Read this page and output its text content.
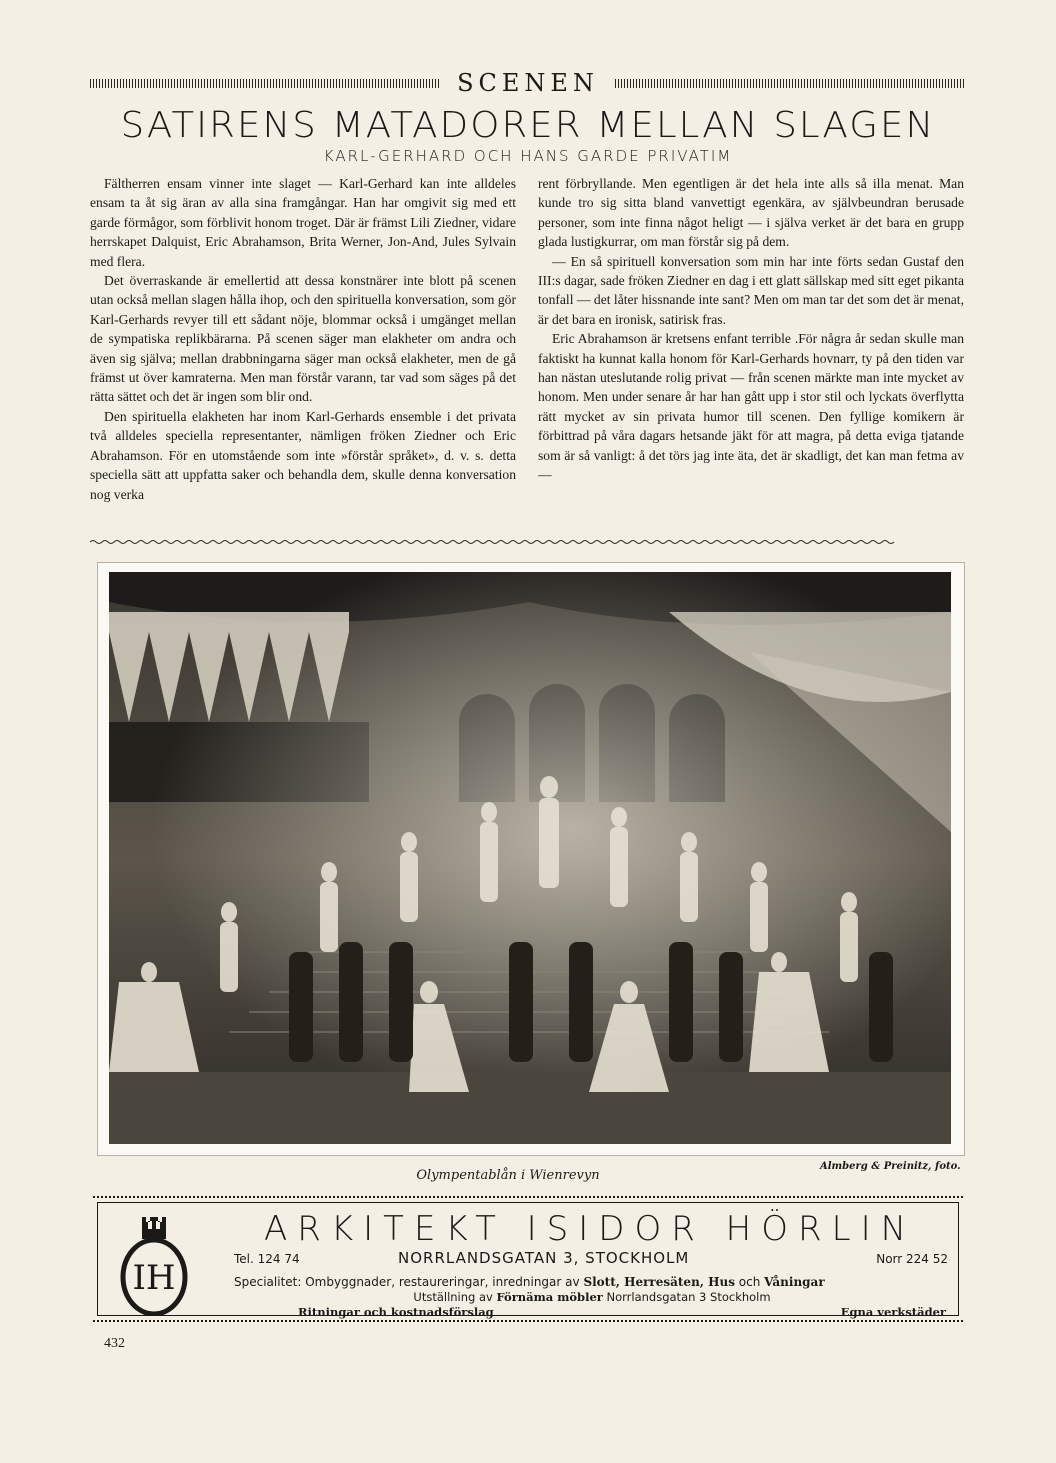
SCENEN
SATIRENS MATADORER MELLAN SLAGEN
KARL-GERHARD OCH HANS GARDE PRIVATIM

Fältherren ensam vinner inte slaget — Karl-Gerhard kan inte alldeles ensam ta åt sig äran av alla sina framgångar. Han har omgivit sig med ett garde förmågor, som förblivit honom troget. Där är främst Lili Ziedner, vidare herrskapet Dalquist, Eric Abrahamson, Brita Werner, Jon-And, Jules Sylvain med flera.

Det överraskande är emellertid att dessa konstnärer inte blott på scenen utan också mellan slagen hålla ihop, och den spirituella konversation, som gör Karl-Gerhards revyer till ett sådant nöje, blommar också i umgänget mellan de sympatiska replikbärarna. På scenen säger man elakheter om andra och även sig själva; mellan drabbningarna säger man också elakheter, men de gå främst ut över kamraterna. Men man förstår varann, tar vad som säges på det rätta sättet och det är ingen som blir ond.

Den spirituella elakheten har inom Karl-Gerhards ensemble i det privata två alldeles speciella representanter, nämligen fröken Ziedner och Eric Abrahamson. För en utomstående som inte »förstår språket», d. v. s. detta speciella sätt att uppfatta saker och behandla dem, skulle denna konversation nog verka

rent förbryllande. Men egentligen är det hela inte alls så illa menat. Man kunde tro sig sitta bland vanvettigt egenkära, av självbeundran berusade personer, som inte finna något heligt — i själva verket är det bara en grupp glada lustigkurrar, om man förstår sig på dem.

— En så spirituell konversation som min har inte förts sedan Gustaf den III:s dagar, sade fröken Ziedner en dag i ett glatt sällskap med sitt eget pikanta tonfall — det låter hissnande inte sant? Men om man tar det som det är menat, är det bara en ironisk, satirisk fras.

Eric Abrahamson är kretsens enfant terrible .För några år sedan skulle man faktiskt ha kunnat kalla honom för Karl-Gerhards hovnarr, ty på den tiden var han nästan uteslutande rolig privat — från scenen märkte man inte mycket av honom. Men under senare år har han gått upp i stor stil och lyckats överflytta rätt mycket av sin privata humor till scenen. Den fyllige komikern är förbittrad på våra dagars hetsande jäkt för att magra, på detta eviga tjatande som är så vanligt: å det törs jag inte äta, det är skadligt, det kan man fetma av —

Olympentablån i Wienrevyn
Almberg & Preinitz, foto.
IH
ARKITEKT ISIDOR HÖRLIN
Tel. 124 74	NORRLANDSGATAN 3, STOCKHOLM	Norr 224 52
Specialitet: Ombyggnader, restaureringar, inredningar av Slott, Herresäten, Hus och Våningar
Utställning av Förnäma möbler Norrlandsgatan 3 Stockholm
Ritningar och kostnadsförslag	Egna verkstäder
432
